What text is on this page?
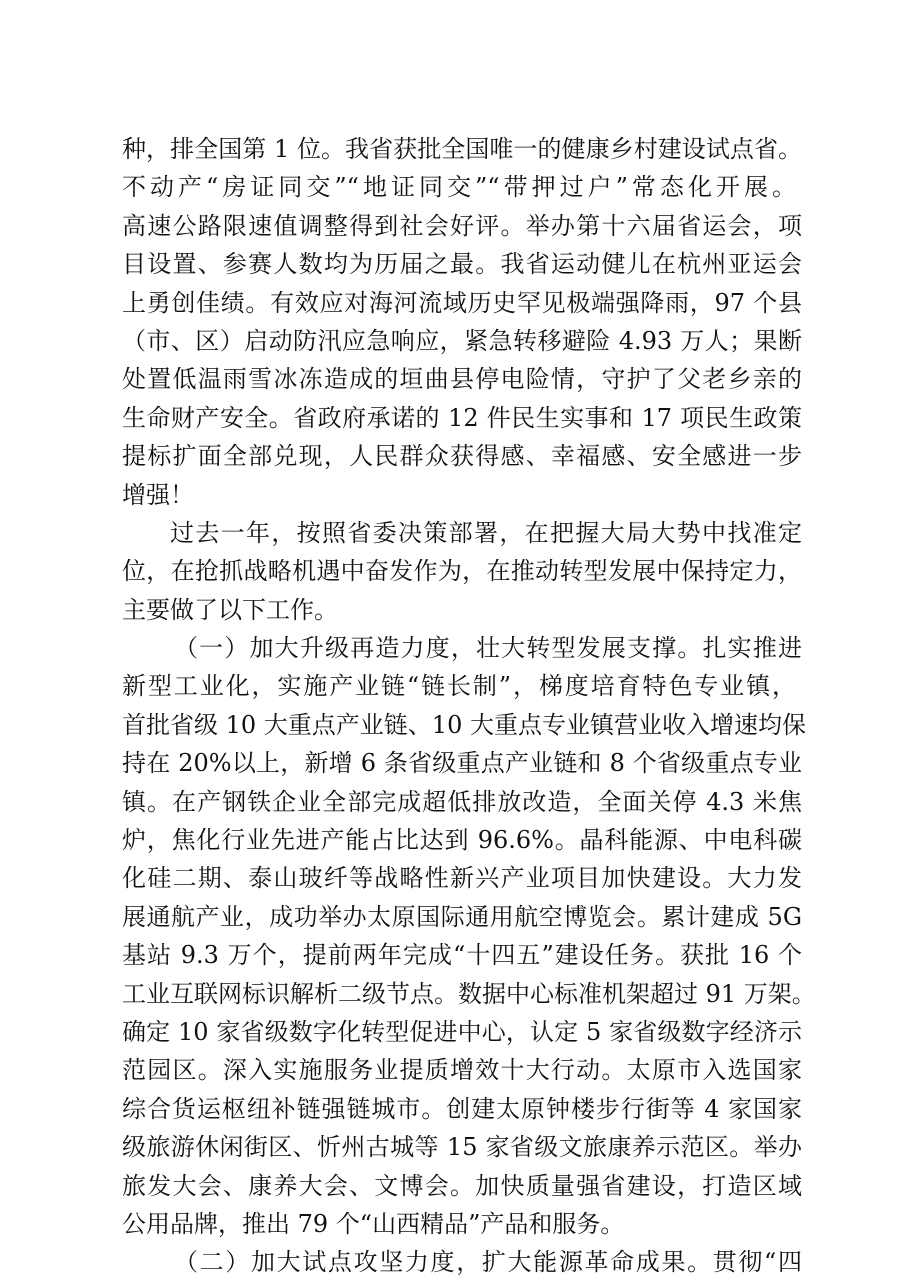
种，排全国第 1 位。我省获批全国唯一的健康乡村建设试点省。
不动产“房证同交”“地证同交”“带押过户”常态化开展。
高速公路限速值调整得到社会好评。举办第十六届省运会，项
目设置、参赛人数均为历届之最。我省运动健儿在杭州亚运会
上勇创佳绩。有效应对海河流域历史罕见极端强降雨，97 个县
（市、区）启动防汛应急响应，紧急转移避险 4.93 万人；果断
处置低温雨雪冰冻造成的垣曲县停电险情，守护了父老乡亲的
生命财产安全。省政府承诺的 12 件民生实事和 17 项民生政策
提标扩面全部兑现，人民群众获得感、幸福感、安全感进一步
增强！
过去一年，按照省委决策部署，在把握大局大势中找准定
位，在抢抓战略机遇中奋发作为，在推动转型发展中保持定力，
主要做了以下工作。
（一）加大升级再造力度，壮大转型发展支撑。扎实推进
新型工业化，实施产业链“链长制”，梯度培育特色专业镇，
首批省级 10 大重点产业链、10 大重点专业镇营业收入增速均保
持在 20%以上，新增 6 条省级重点产业链和 8 个省级重点专业
镇。在产钢铁企业全部完成超低排放改造，全面关停 4.3 米焦
炉，焦化行业先进产能占比达到 96.6%。晶科能源、中电科碳
化硅二期、泰山玻纤等战略性新兴产业项目加快建设。大力发
展通航产业，成功举办太原国际通用航空博览会。累计建成 5G
基站 9.3 万个，提前两年完成“十四五”建设任务。获批 16 个
工业互联网标识解析二级节点。数据中心标准机架超过 91 万架。
确定 10 家省级数字化转型促进中心，认定 5 家省级数字经济示
范园区。深入实施服务业提质增效十大行动。太原市入选国家
综合货运枢纽补链强链城市。创建太原钟楼步行街等 4 家国家
级旅游休闲街区、忻州古城等 15 家省级文旅康养示范区。举办
旅发大会、康养大会、文博会。加快质量强省建设，打造区域
公用品牌，推出 79 个“山西精品”产品和服务。
（二）加大试点攻坚力度，扩大能源革命成果。贯彻“四
